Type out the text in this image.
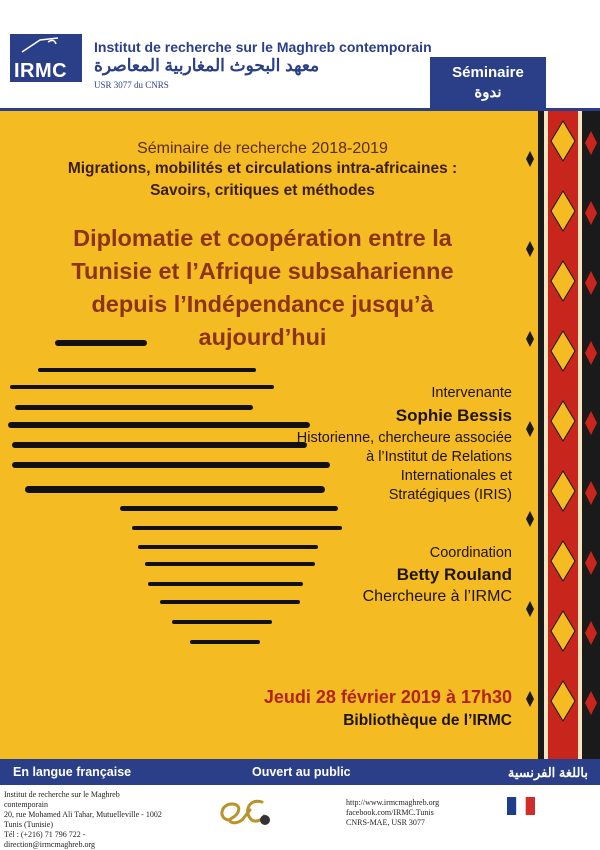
IRMC
Institut de recherche sur le Maghreb contemporain
معهد البحوث المغاربية المعاصرة
USR 3077 du CNRS
Séminaire
ندوة
Séminaire de recherche 2018-2019
Migrations, mobilités et circulations intra-africaines :
Savoirs, critiques et méthodes
Diplomatie et coopération entre la
Tunisie et l’Afrique subsaharienne
depuis l’Indépendance jusqu’à
aujourd’hui
Intervenante
Sophie Bessis
Historienne, chercheure associée
à l’Institut de Relations
Internationales et
Stratégiques (IRIS)
Coordination
Betty Rouland
Chercheure à l’IRMC
Jeudi 28 février 2019 à 17h30
Bibliothèque de l’IRMC
En langue française	Ouvert au public	باللغة الفرنسية
Institut de recherche sur le Maghreb
contemporain
20, rue Mohamed Ali Tahar, Mutuelleville - 1002
Tunis (Tunisie)
Tél : (+216) 71 796 722 -
direction@irmcmaghreb.org
http://www.irmcmaghreb.org
facebook.com/IRMC.Tunis
CNRS-MAE, USR 3077
